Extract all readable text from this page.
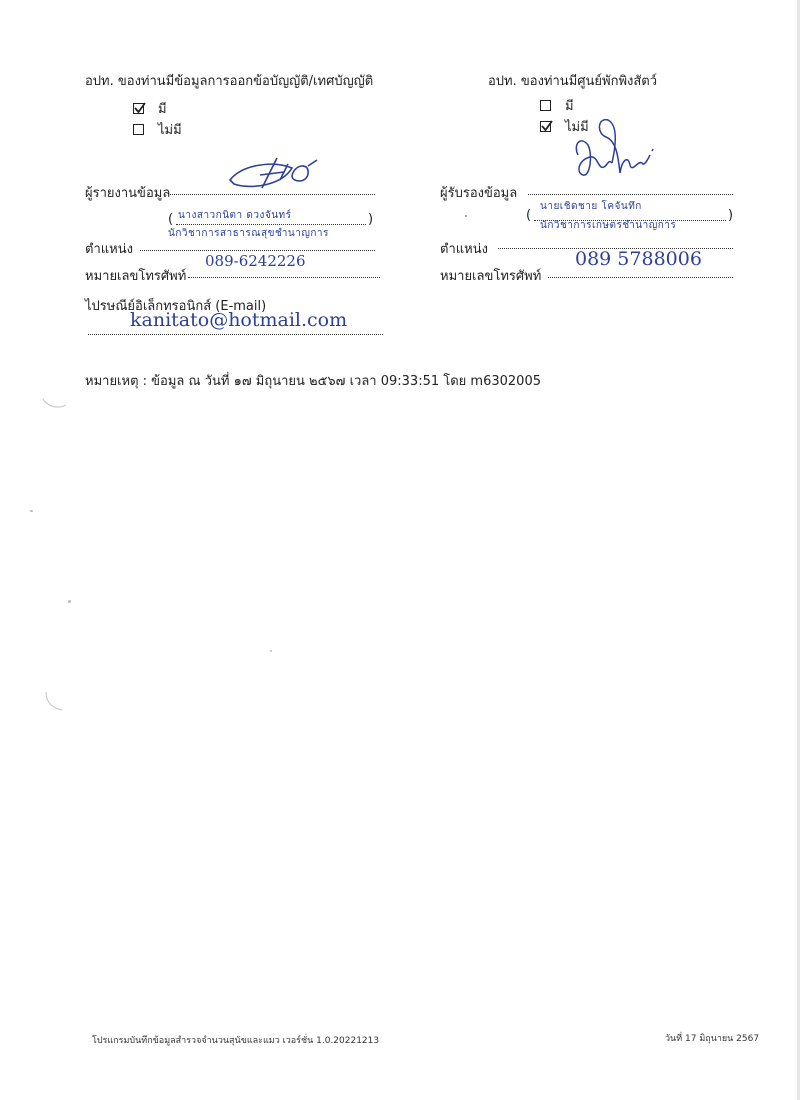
อปท. ของท่านมีข้อมูลการออกข้อบัญญัติ/เทศบัญญัติ
มี
ไม่มี
อปท. ของท่านมีศูนย์พักพิงสัตว์
มี
ไม่มี
ผู้รายงานข้อมูล
(	)
นางสาวกนิตา ดวงจันทร์
ตำแหน่ง
นักวิชาการสาธารณสุขชำนาญการ
หมายเลขโทรศัพท์
089-6242226
ไปรษณีย์อิเล็กทรอนิกส์ (E-mail)
kanitato@hotmail.com
ผู้รับรองข้อมูล
(	)
นายเชิดชาย โคจันทึก
ตำแหน่ง
นักวิชาการเกษตรชำนาญการ
หมายเลขโทรศัพท์
089 5788006
หมายเหตุ : ข้อมูล ณ วันที่ ๑๗ มิถุนายน ๒๕๖๗ เวลา 09:33:51 โดย m6302005
โปรแกรมบันทึกข้อมูลสำรวจจำนวนสุนัขและแมว เวอร์ชั่น 1.0.20221213	วันที่ 17 มิถุนายน 2567
